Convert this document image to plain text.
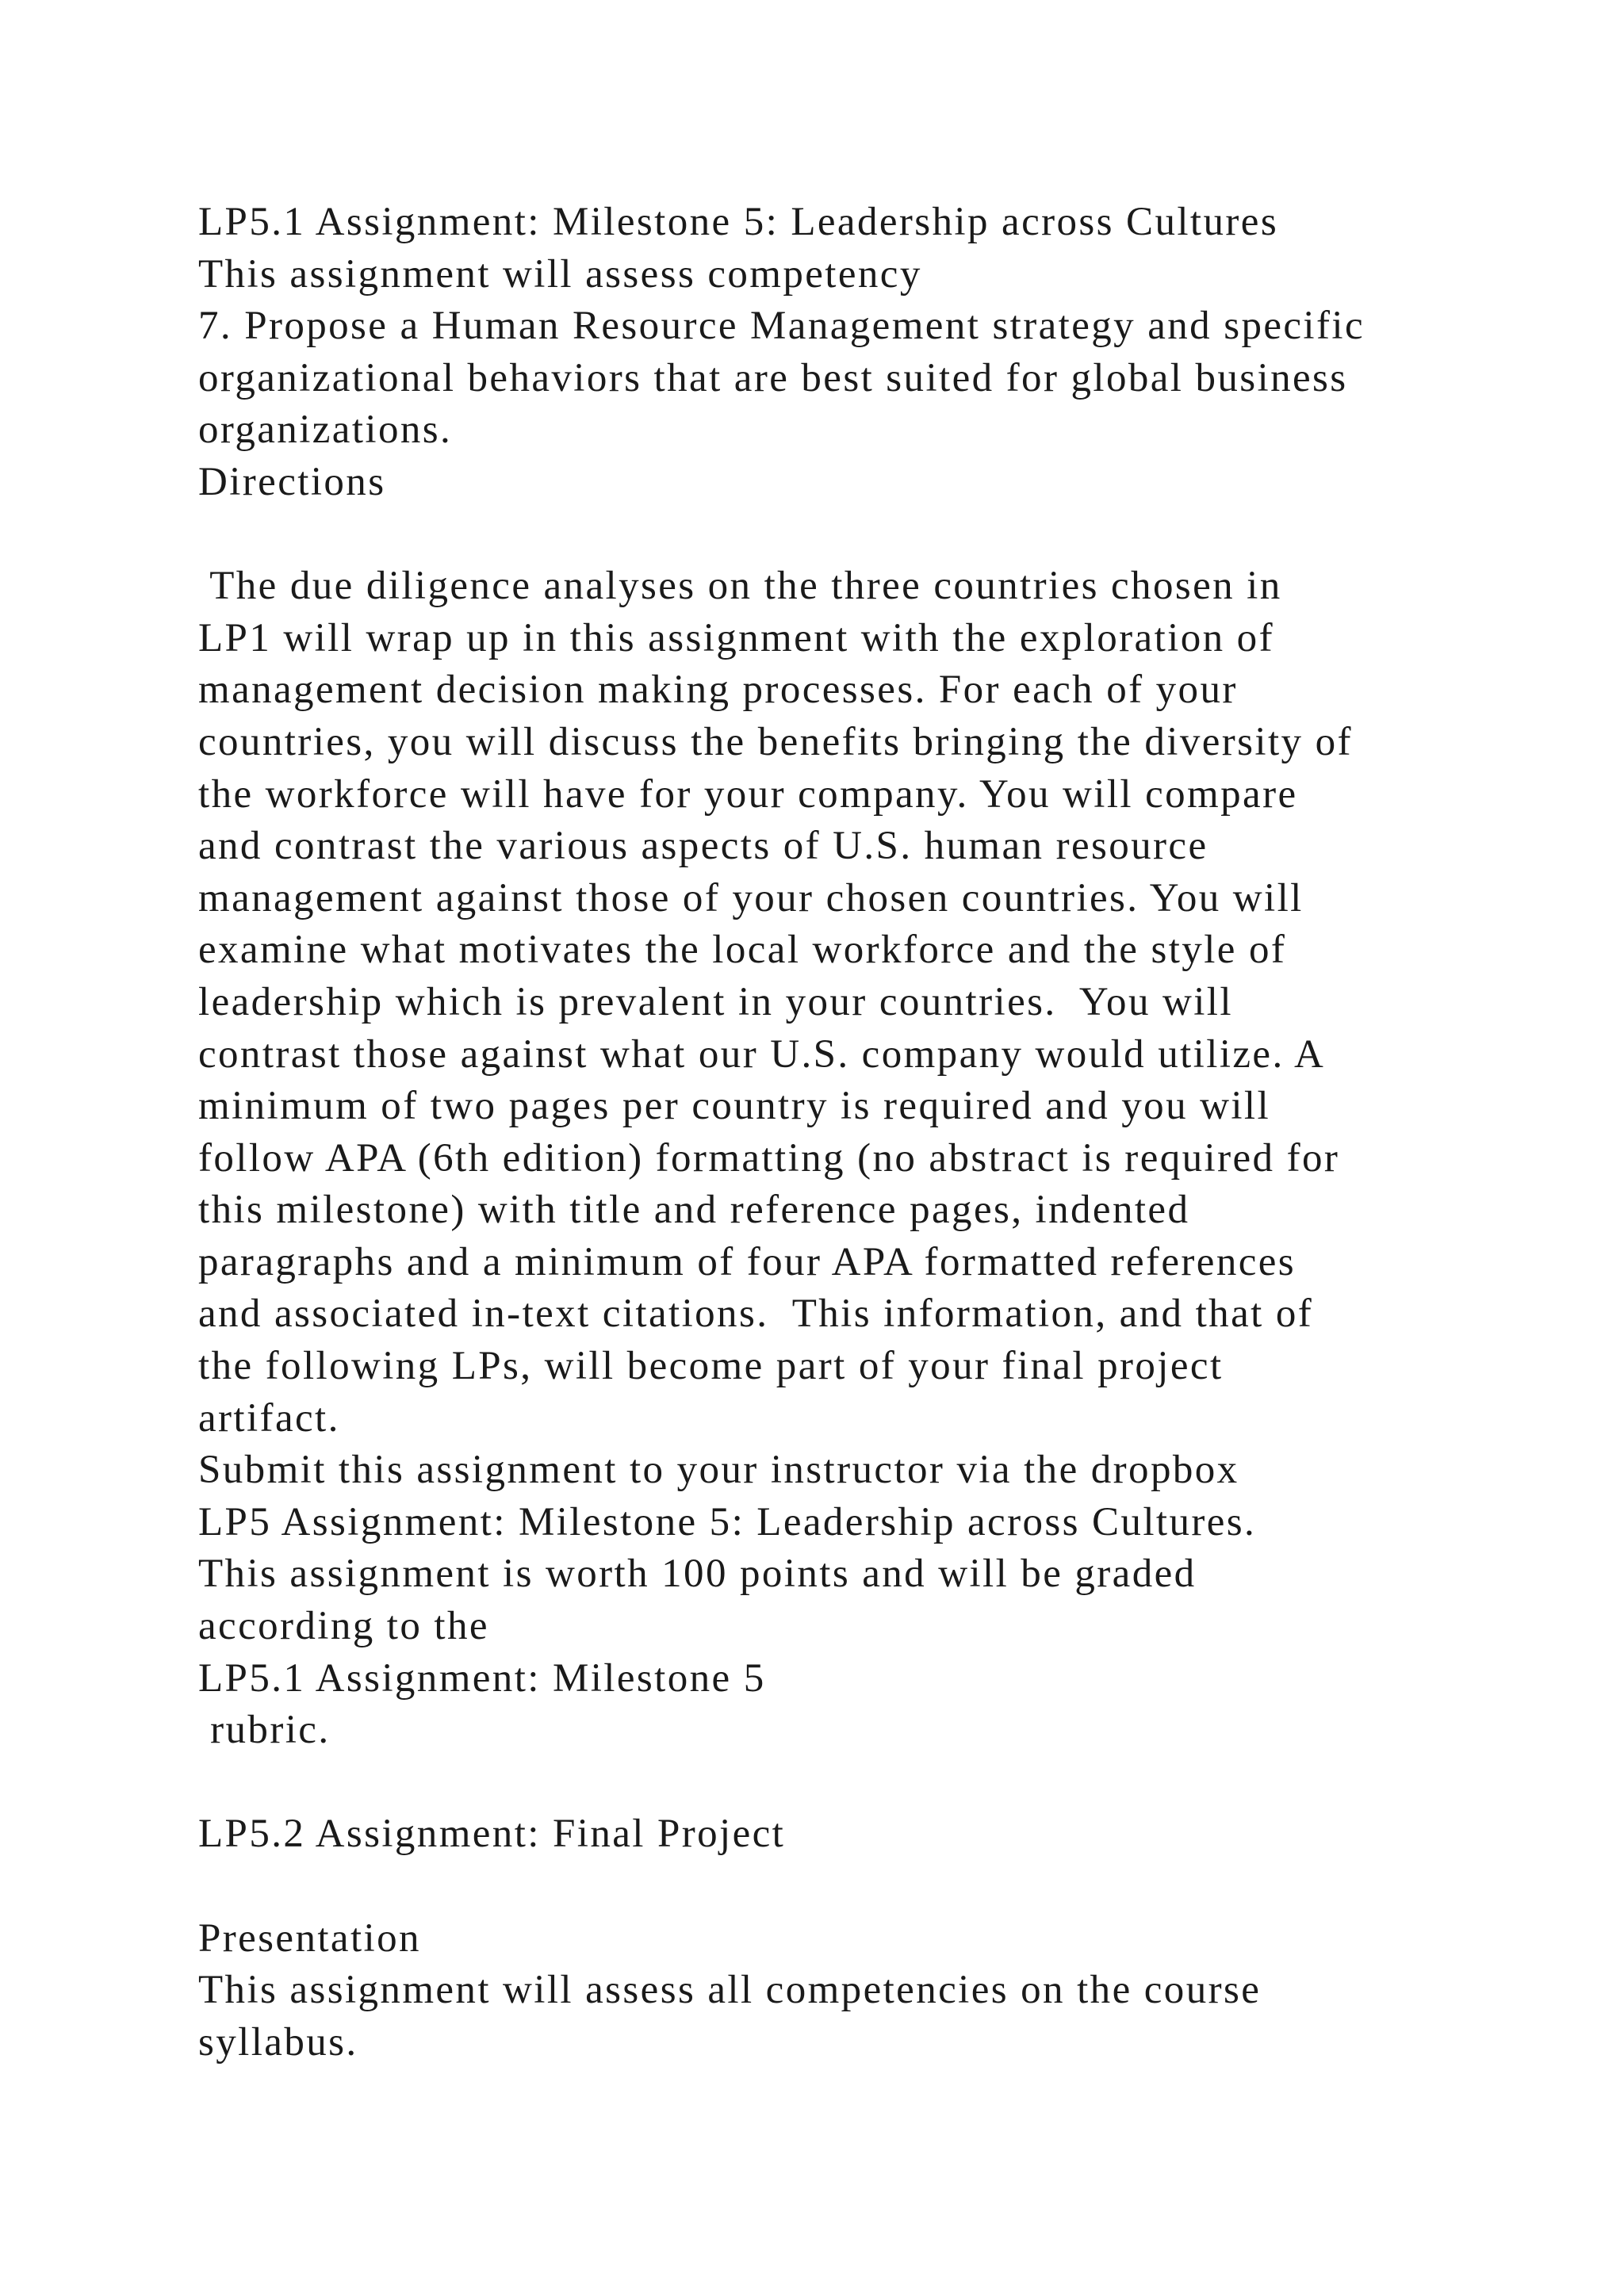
LP5.1 Assignment: Milestone 5: Leadership across Cultures
This assignment will assess competency
7. Propose a Human Resource Management strategy and specific
organizational behaviors that are best suited for global business
organizations.
Directions
The due diligence analyses on the three countries chosen in
LP1 will wrap up in this assignment with the exploration of
management decision making processes. For each of your
countries, you will discuss the benefits bringing the diversity of
the workforce will have for your company. You will compare
and contrast the various aspects of U.S. human resource
management against those of your chosen countries. You will
examine what motivates the local workforce and the style of
leadership which is prevalent in your countries.  You will
contrast those against what our U.S. company would utilize. A
minimum of two pages per country is required and you will
follow APA (6th edition) formatting (no abstract is required for
this milestone) with title and reference pages, indented
paragraphs and a minimum of four APA formatted references
and associated in-text citations.  This information, and that of
the following LPs, will become part of your final project
artifact.
Submit this assignment to your instructor via the dropbox
LP5 Assignment: Milestone 5: Leadership across Cultures.
This assignment is worth 100 points and will be graded
according to the
LP5.1 Assignment: Milestone 5
rubric.
LP5.2 Assignment: Final Project
Presentation
This assignment will assess all competencies on the course
syllabus.
